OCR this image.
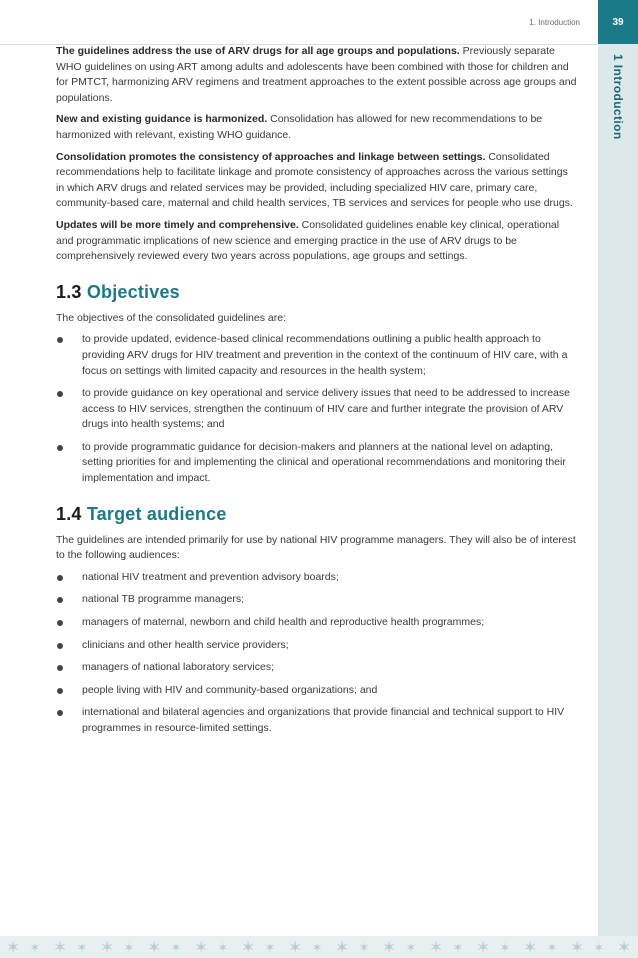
39
1. Introduction
1 Introduction

The guidelines address the use of ARV drugs for all age groups and populations. Previously separate WHO guidelines on using ART among adults and adolescents have been combined with those for children and for PMTCT, harmonizing ARV regimens and treatment approaches to the extent possible across age groups and populations.

New and existing guidance is harmonized. Consolidation has allowed for new recommendations to be harmonized with relevant, existing WHO guidance.

Consolidation promotes the consistency of approaches and linkage between settings. Consolidated recommendations help to facilitate linkage and promote consistency of approaches across the various settings in which ARV drugs and related services may be provided, including specialized HIV care, primary care, community-based care, maternal and child health services, TB services and services for people who use drugs.

Updates will be more timely and comprehensive. Consolidated guidelines enable key clinical, operational and programmatic implications of new science and emerging practice in the use of ARV drugs to be comprehensively reviewed every two years across populations, age groups and settings.

1.3 Objectives

The objectives of the consolidated guidelines are:

to provide updated, evidence-based clinical recommendations outlining a public health approach to providing ARV drugs for HIV treatment and prevention in the context of the continuum of HIV care, with a focus on settings with limited capacity and resources in the health system;
to provide guidance on key operational and service delivery issues that need to be addressed to increase access to HIV services, strengthen the continuum of HIV care and further integrate the provision of ARV drugs into health systems; and
to provide programmatic guidance for decision-makers and planners at the national level on adapting, setting priorities for and implementing the clinical and operational recommendations and monitoring their implementation and impact.
1.4 Target audience

The guidelines are intended primarily for use by national HIV programme managers. They will also be of interest to the following audiences:

national HIV treatment and prevention advisory boards;
national TB programme managers;
managers of maternal, newborn and child health and reproductive health programmes;
clinicians and other health service providers;
managers of national laboratory services;
people living with HIV and community-based organizations; and
international and bilateral agencies and organizations that provide financial and technical support to HIV programmes in resource-limited settings.
✶ ✶ ✶ ✶ ✶ ✶ ✶ ✶ ✶ ✶ ✶ ✶ ✶ ✶ ✶ ✶ ✶ ✶ ✶ ✶ ✶ ✶ ✶ ✶ ✶ ✶ ✶
